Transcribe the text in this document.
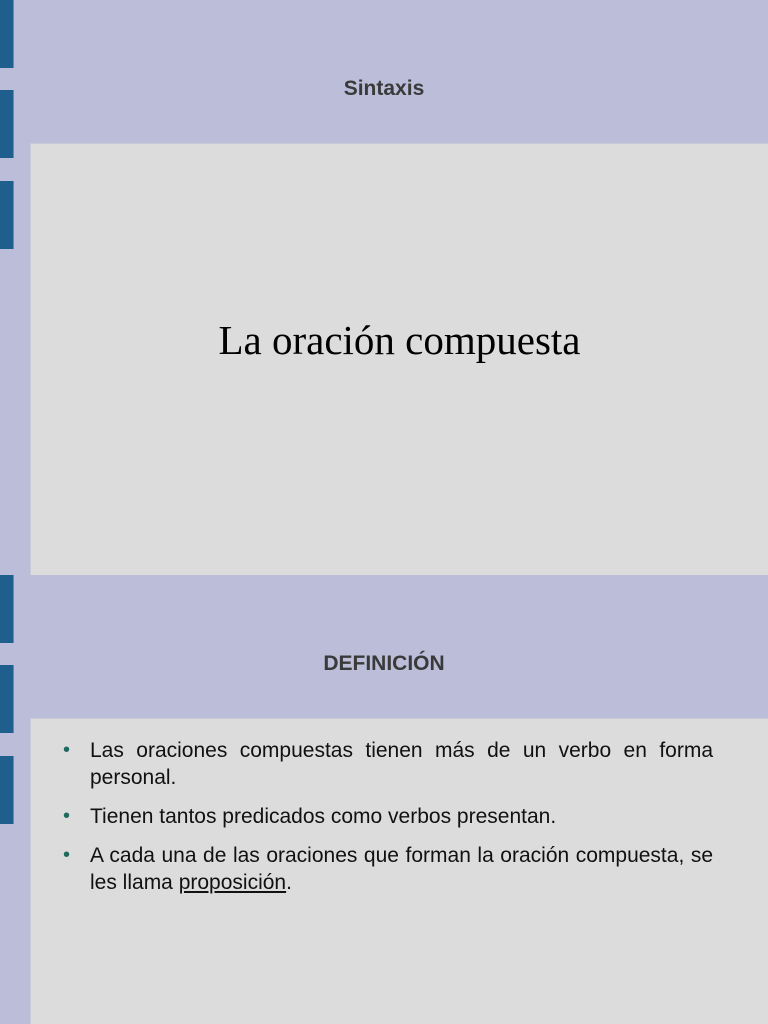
Sintaxis
La oración compuesta
DEFINICIÓN
• Las oraciones compuestas tienen más de un verbo en forma personal.
• Tienen tantos predicados como verbos presentan.
• A cada una de las oraciones que forman la oración compuesta, se les llama proposición.
